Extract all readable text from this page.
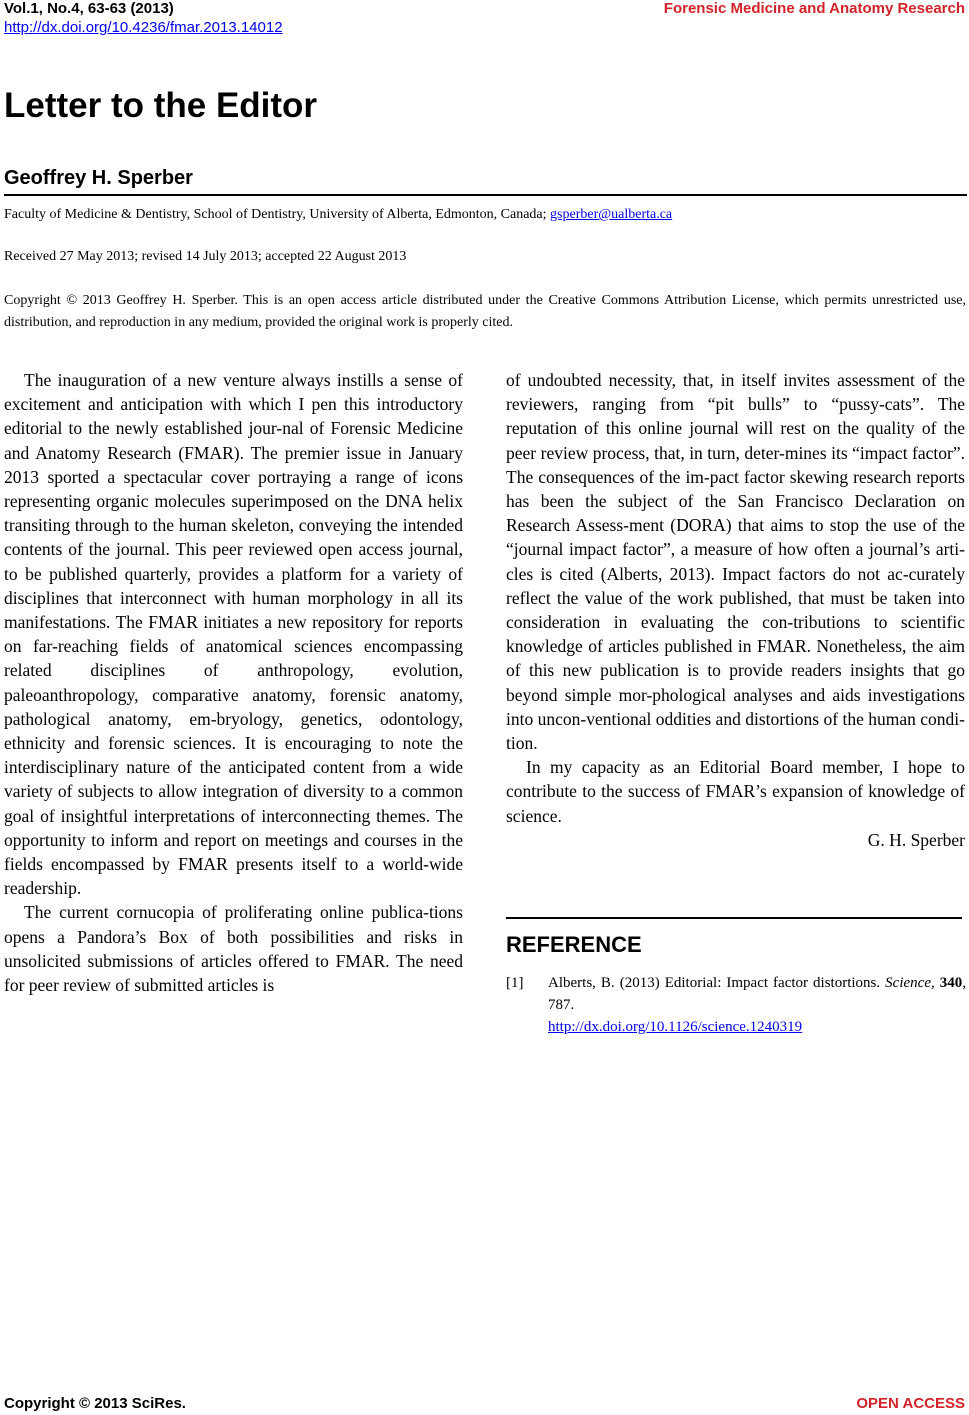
Vol.1, No.4, 63-63 (2013)
http://dx.doi.org/10.4236/fmar.2013.14012
Forensic Medicine and Anatomy Research
Letter to the Editor
Geoffrey H. Sperber
Faculty of Medicine & Dentistry, School of Dentistry, University of Alberta, Edmonton, Canada; gsperber@ualberta.ca
Received 27 May 2013; revised 14 July 2013; accepted 22 August 2013
Copyright © 2013 Geoffrey H. Sperber. This is an open access article distributed under the Creative Commons Attribution License, which permits unrestricted use, distribution, and reproduction in any medium, provided the original work is properly cited.

The inauguration of a new venture always instills a sense of excitement and anticipation with which I pen this introductory editorial to the newly established jour-nal of Forensic Medicine and Anatomy Research (FMAR). The premier issue in January 2013 sported a spectacular cover portraying a range of icons representing organic molecules superimposed on the DNA helix transiting through to the human skeleton, conveying the intended contents of the journal. This peer reviewed open access journal, to be published quarterly, provides a platform for a variety of disciplines that interconnect with human morphology in all its manifestations. The FMAR initiates a new repository for reports on far-reaching fields of anatomical sciences encompassing related disciplines of anthropology, evolution, paleoanthropology, comparative anatomy, forensic anatomy, pathological anatomy, em-bryology, genetics, odontology, ethnicity and forensic sciences. It is encouraging to note the interdisciplinary nature of the anticipated content from a wide variety of subjects to allow integration of diversity to a common goal of insightful interpretations of interconnecting themes. The opportunity to inform and report on meetings and courses in the fields encompassed by FMAR presents itself to a world-wide readership.

The current cornucopia of proliferating online publica-tions opens a Pandora’s Box of both possibilities and risks in unsolicited submissions of articles offered to FMAR. The need for peer review of submitted articles is

of undoubted necessity, that, in itself invites assessment of the reviewers, ranging from “pit bulls” to “pussy-cats”. The reputation of this online journal will rest on the quality of the peer review process, that, in turn, deter-mines its “impact factor”. The consequences of the im-pact factor skewing research reports has been the subject of the San Francisco Declaration on Research Assess-ment (DORA) that aims to stop the use of the “journal impact factor”, a measure of how often a journal’s arti-cles is cited (Alberts, 2013). Impact factors do not ac-curately reflect the value of the work published, that must be taken into consideration in evaluating the con-tributions to scientific knowledge of articles published in FMAR. Nonetheless, the aim of this new publication is to provide readers insights that go beyond simple mor-phological analyses and aids investigations into uncon-ventional oddities and distortions of the human condi-tion.

In my capacity as an Editorial Board member, I hope to contribute to the success of FMAR’s expansion of knowledge of science.

G. H. Sperber

REFERENCE
[1] Alberts, B. (2013) Editorial: Impact factor distortions. Science, 340, 787.
http://dx.doi.org/10.1126/science.1240319
Copyright © 2013 SciRes.	OPEN ACCESS
